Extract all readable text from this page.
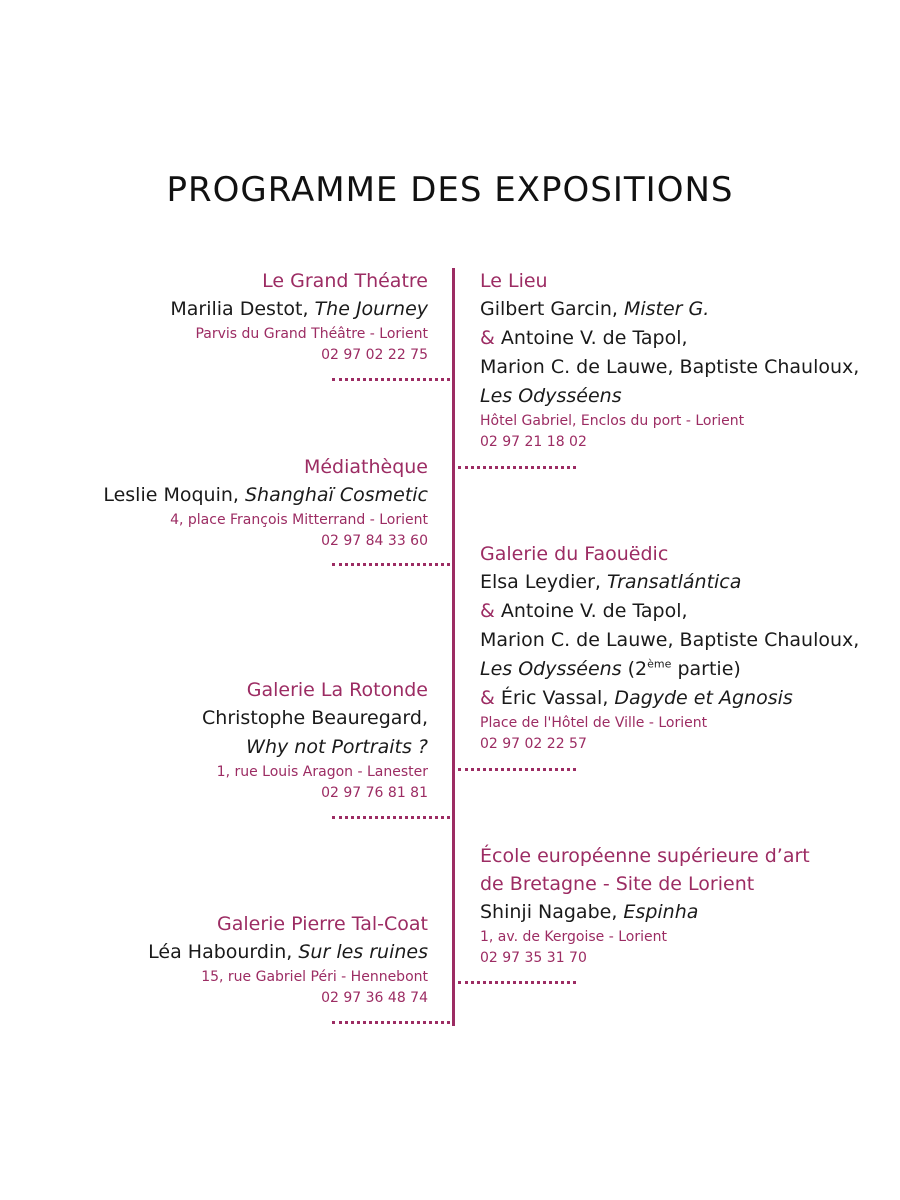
PROGRAMME DES EXPOSITIONS
Le Grand Théatre
Marilia Destot, The Journey
Parvis du Grand Théâtre - Lorient
02 97 02 22 75
Médiathèque
Leslie Moquin, Shanghaï Cosmetic
4, place François Mitterrand - Lorient
02 97 84 33 60
Galerie La Rotonde
Christophe Beauregard,
Why not Portraits ?
1, rue Louis Aragon - Lanester
02 97 76 81 81
Galerie Pierre Tal-Coat
Léa Habourdin, Sur les ruines
15, rue Gabriel Péri - Hennebont
02 97 36 48 74
Le Lieu
Gilbert Garcin, Mister G.
& Antoine V. de Tapol,
Marion C. de Lauwe, Baptiste Chauloux,
Les Odysséens
Hôtel Gabriel, Enclos du port - Lorient
02 97 21 18 02
Galerie du Faouëdic
Elsa Leydier, Transatlántica
& Antoine V. de Tapol,
Marion C. de Lauwe, Baptiste Chauloux,
Les Odysséens (2ème partie)
& Éric Vassal, Dagyde et Agnosis
Place de l'Hôtel de Ville - Lorient
02 97 02 22 57
École européenne supérieure d’art
de Bretagne - Site de Lorient
Shinji Nagabe, Espinha
1, av. de Kergoise - Lorient
02 97 35 31 70
